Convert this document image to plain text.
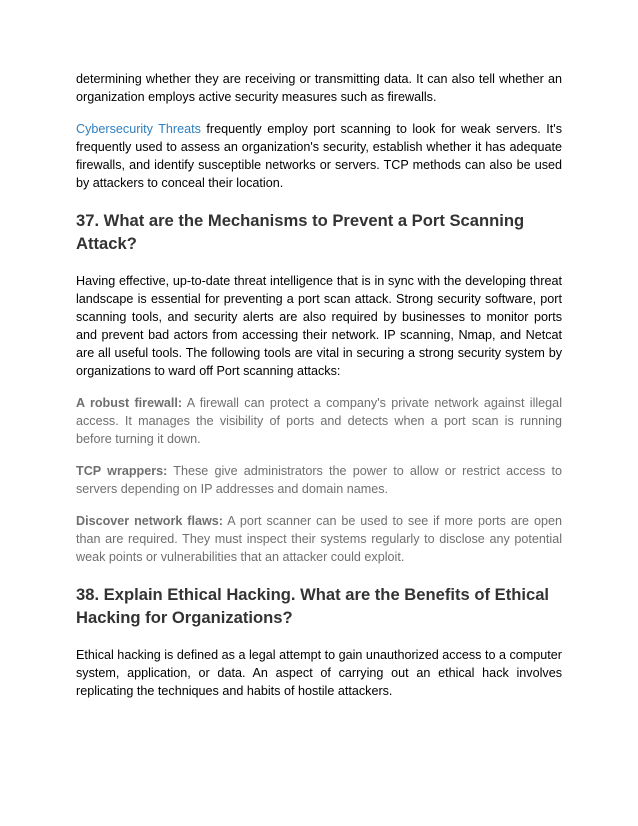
determining whether they are receiving or transmitting data. It can also tell whether an organization employs active security measures such as firewalls.

Cybersecurity Threats frequently employ port scanning to look for weak servers. It's frequently used to assess an organization's security, establish whether it has adequate firewalls, and identify susceptible networks or servers. TCP methods can also be used by attackers to conceal their location.

37. What are the Mechanisms to Prevent a Port Scanning Attack?

Having effective, up-to-date threat intelligence that is in sync with the developing threat landscape is essential for preventing a port scan attack. Strong security software, port scanning tools, and security alerts are also required by businesses to monitor ports and prevent bad actors from accessing their network. IP scanning, Nmap, and Netcat are all useful tools. The following tools are vital in securing a strong security system by organizations to ward off Port scanning attacks:

A robust firewall: A firewall can protect a company's private network against illegal access. It manages the visibility of ports and detects when a port scan is running before turning it down.

TCP wrappers: These give administrators the power to allow or restrict access to servers depending on IP addresses and domain names.

Discover network flaws: A port scanner can be used to see if more ports are open than are required. They must inspect their systems regularly to disclose any potential weak points or vulnerabilities that an attacker could exploit.

38. Explain Ethical Hacking. What are the Benefits of Ethical Hacking for Organizations?

Ethical hacking is defined as a legal attempt to gain unauthorized access to a computer system, application, or data. An aspect of carrying out an ethical hack involves replicating the techniques and habits of hostile attackers.
